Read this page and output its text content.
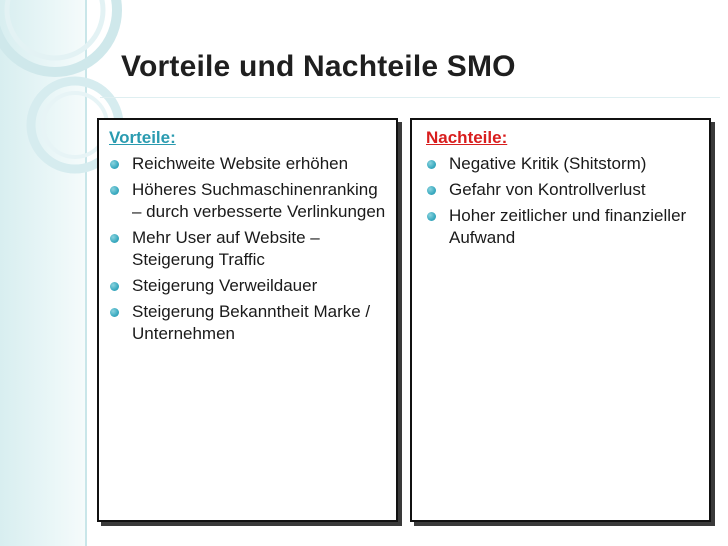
Vorteile und Nachteile SMO
Vorteile:
Reichweite Website erhöhen
Höheres Suchmaschinenranking – durch verbesserte Verlinkungen
Mehr User auf Website – Steigerung Traffic
Steigerung Verweildauer
Steigerung Bekanntheit Marke / Unternehmen
Nachteile:
Negative Kritik (Shitstorm)
Gefahr von Kontrollverlust
Hoher zeitlicher und finanzieller Aufwand
